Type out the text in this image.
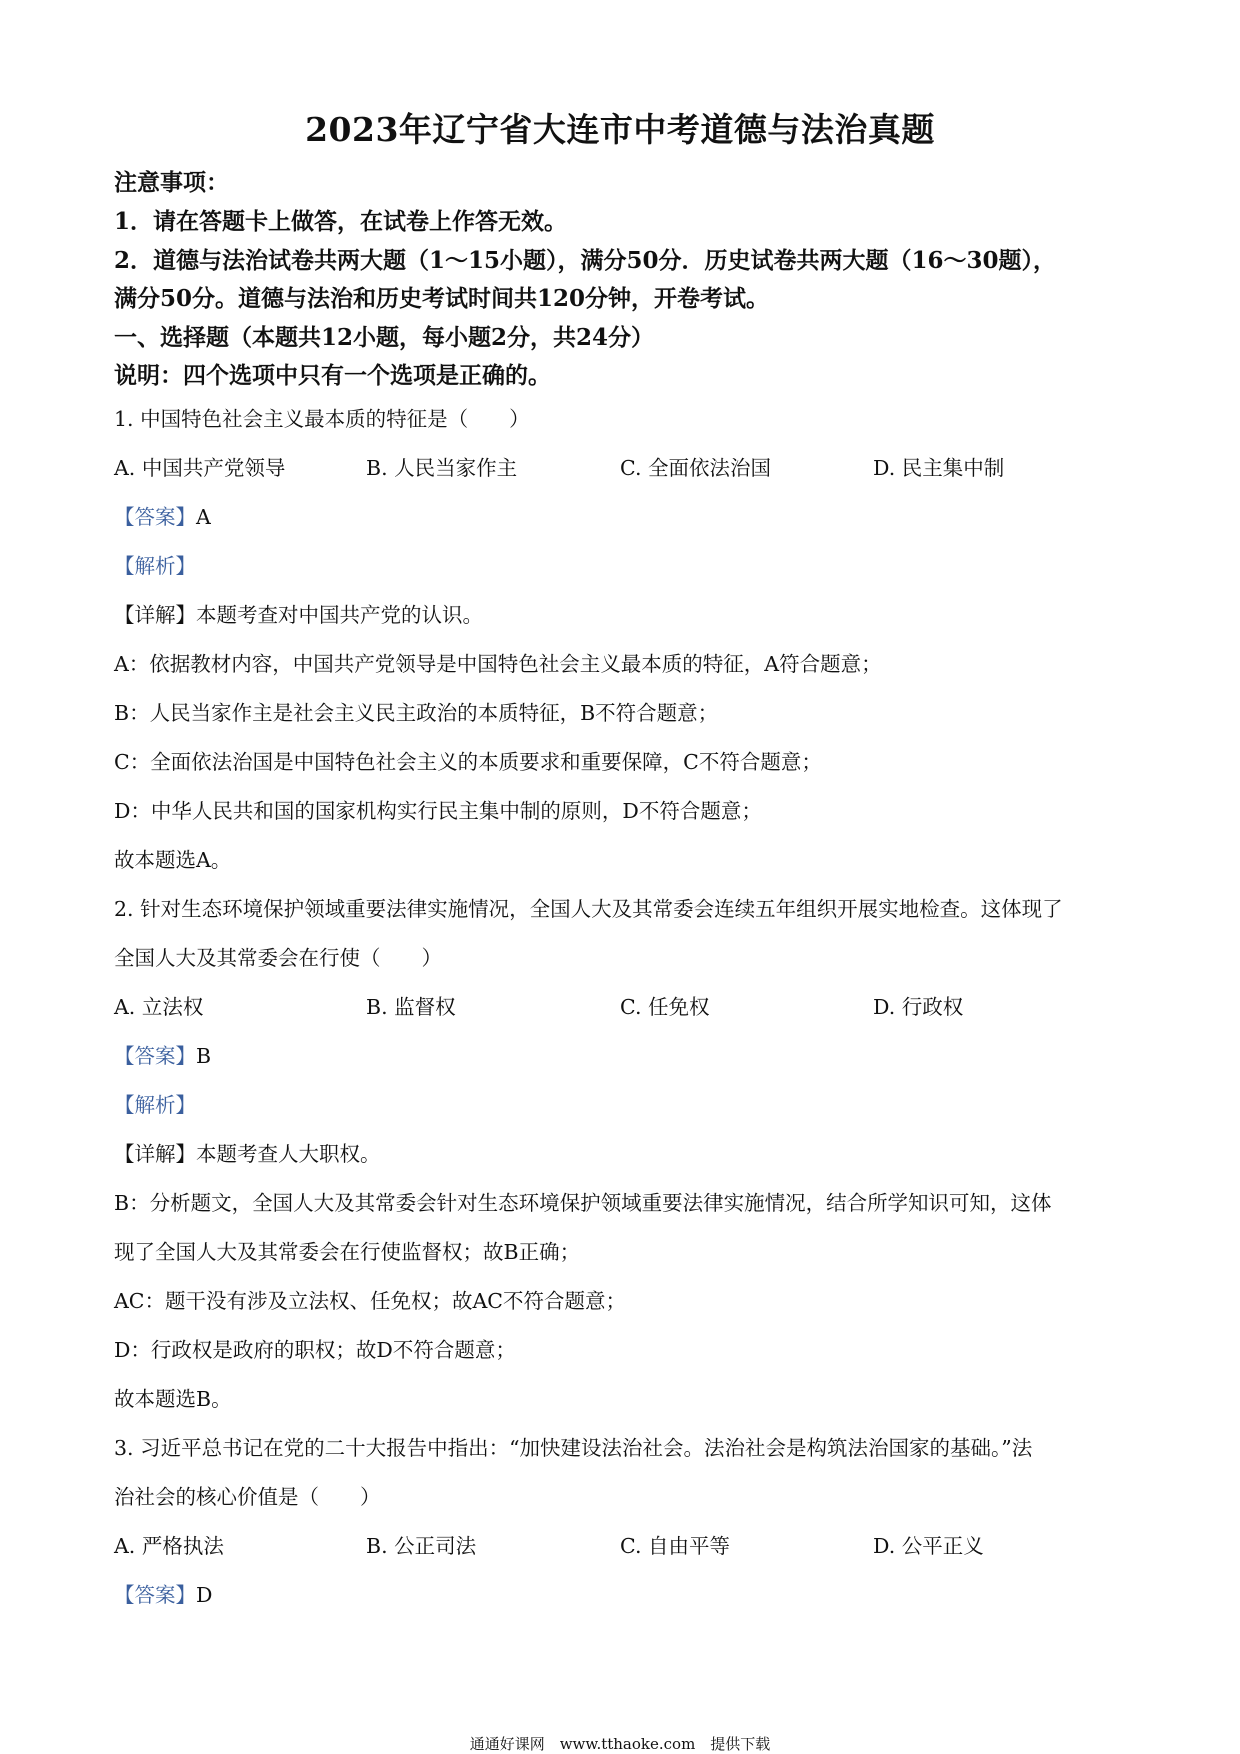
2023年辽宁省大连市中考道德与法治真题
注意事项：
1．请在答题卡上做答，在试卷上作答无效。
2．道德与法治试卷共两大题（1～15小题），满分50分．历史试卷共两大题（16～30题），
满分50分。道德与法治和历史考试时间共120分钟，开卷考试。
一、选择题（本题共12小题，每小题2分，共24分）
说明：四个选项中只有一个选项是正确的。
1. 中国特色社会主义最本质的特征是（　　）
A. 中国共产党领导	B. 人民当家作主	C. 全面依法治国	D. 民主集中制
【答案】A
【解析】
【详解】本题考查对中国共产党的认识。
A：依据教材内容，中国共产党领导是中国特色社会主义最本质的特征，A符合题意；
B：人民当家作主是社会主义民主政治的本质特征，B不符合题意；
C：全面依法治国是中国特色社会主义的本质要求和重要保障，C不符合题意；
D：中华人民共和国的国家机构实行民主集中制的原则，D不符合题意；
故本题选A。
2. 针对生态环境保护领域重要法律实施情况，全国人大及其常委会连续五年组织开展实地检查。这体现了
全国人大及其常委会在行使（　　）
A. 立法权	B. 监督权	C. 任免权	D. 行政权
【答案】B
【解析】
【详解】本题考查人大职权。
B：分析题文，全国人大及其常委会针对生态环境保护领域重要法律实施情况，结合所学知识可知，这体
现了全国人大及其常委会在行使监督权；故B正确；
AC：题干没有涉及立法权、任免权；故AC不符合题意；
D：行政权是政府的职权；故D不符合题意；
故本题选B。
3. 习近平总书记在党的二十大报告中指出：“加快建设法治社会。法治社会是构筑法治国家的基础。”法
治社会的核心价值是（　　）
A. 严格执法	B. 公正司法	C. 自由平等	D. 公平正义
【答案】D
通通好课网　www.tthaoke.com　提供下载
